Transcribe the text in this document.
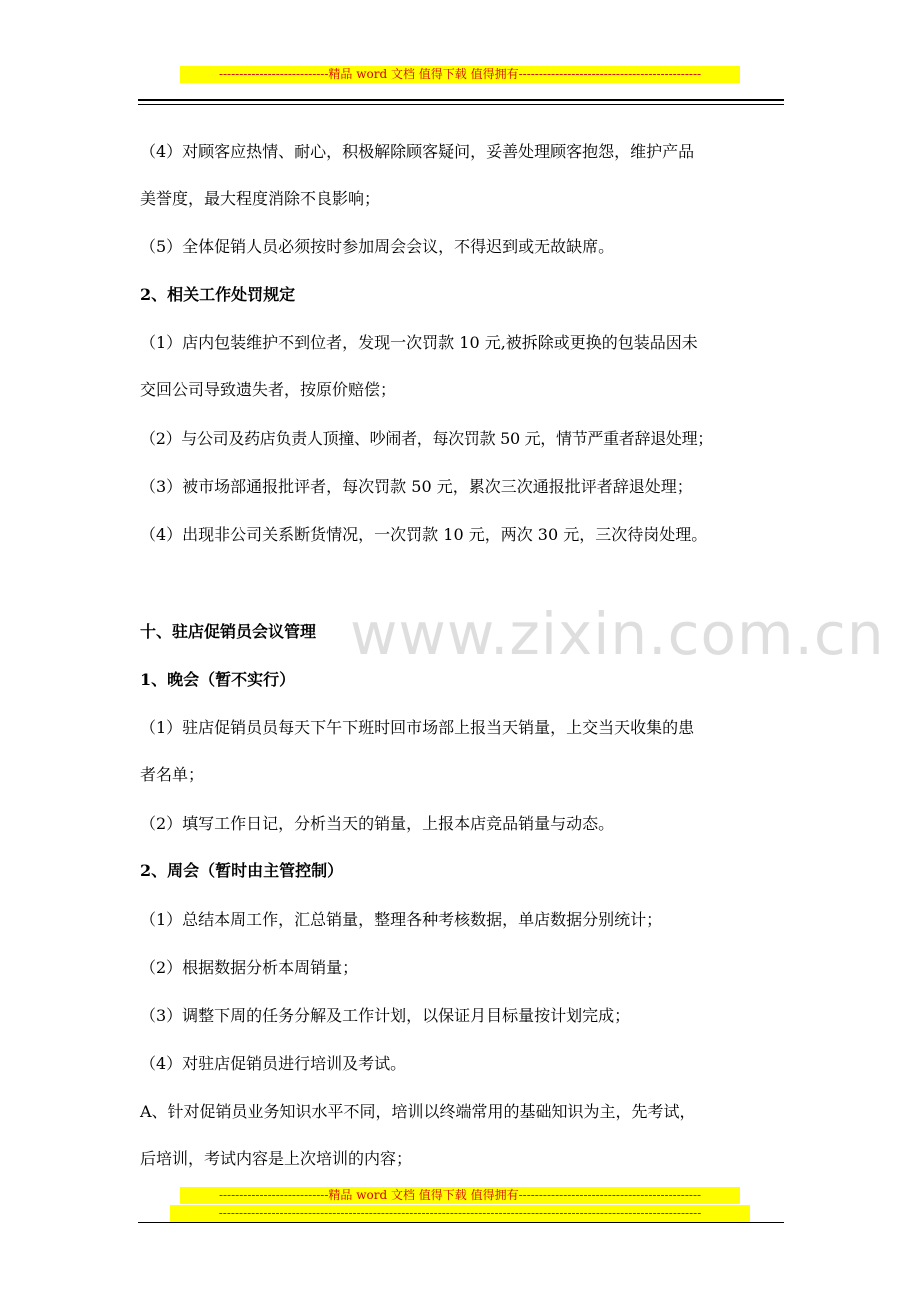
---------------------------精品 word 文档 值得下载 值得拥有---------------------------------------------
www.zixin.com.cn

（4）对顾客应热情、耐心，积极解除顾客疑问，妥善处理顾客抱怨，维护产品

美誉度，最大程度消除不良影响；

（5）全体促销人员必须按时参加周会会议，不得迟到或无故缺席。

2、相关工作处罚规定

（1）店内包装维护不到位者，发现一次罚款 10 元,被拆除或更换的包装品因未

交回公司导致遗失者，按原价赔偿；

（2）与公司及药店负责人顶撞、吵闹者，每次罚款 50 元，情节严重者辞退处理；

（3）被市场部通报批评者，每次罚款 50 元，累次三次通报批评者辞退处理；

（4）出现非公司关系断货情况，一次罚款 10 元，两次 30 元，三次待岗处理。

十、驻店促销员会议管理

1、晚会（暂不实行）

（1）驻店促销员员每天下午下班时回市场部上报当天销量，上交当天收集的患

者名单；

（2）填写工作日记，分析当天的销量，上报本店竞品销量与动态。

2、周会（暂时由主管控制）

（1）总结本周工作，汇总销量，整理各种考核数据，单店数据分别统计；

（2）根据数据分析本周销量；

（3）调整下周的任务分解及工作计划，以保证月目标量按计划完成；

（4）对驻店促销员进行培训及考试。

A、针对促销员业务知识水平不同，培训以终端常用的基础知识为主，先考试，

后培训，考试内容是上次培训的内容；

---------------------------精品 word 文档 值得下载 值得拥有---------------------------------------------
-----------------------------------------------------------------------------------------------------------------------
